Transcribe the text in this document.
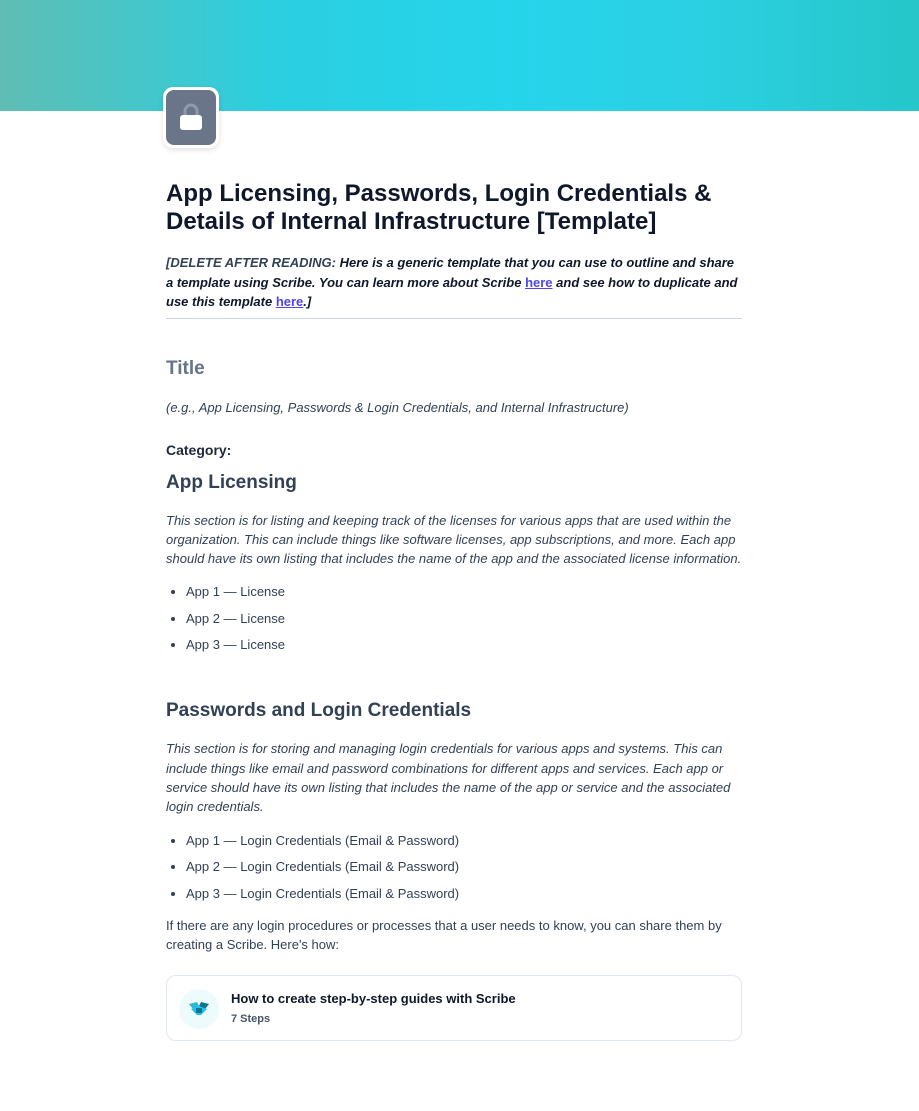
App Licensing, Passwords, Login Credentials & Details of Internal Infrastructure [Template]

[DELETE AFTER READING: Here is a generic template that you can use to outline and share a template using Scribe. You can learn more about Scribe here and see how to duplicate and use this template here.]

Title

(e.g., App Licensing, Passwords & Login Credentials, and Internal Infrastructure)

Category:

App Licensing

This section is for listing and keeping track of the licenses for various apps that are used within the organization. This can include things like software licenses, app subscriptions, and more. Each app should have its own listing that includes the name of the app and the associated license information.

• App 1 — License
• App 2 — License
• App 3 — License
Passwords and Login Credentials

This section is for storing and managing login credentials for various apps and systems. This can include things like email and password combinations for different apps and services. Each app or service should have its own listing that includes the name of the app or service and the associated login credentials.

• App 1 — Login Credentials (Email & Password)
• App 2 — Login Credentials (Email & Password)
• App 3 — Login Credentials (Email & Password)

If there are any login procedures or processes that a user needs to know, you can share them by creating a Scribe. Here's how:

How to create step-by-step guides with Scribe
7 Steps
